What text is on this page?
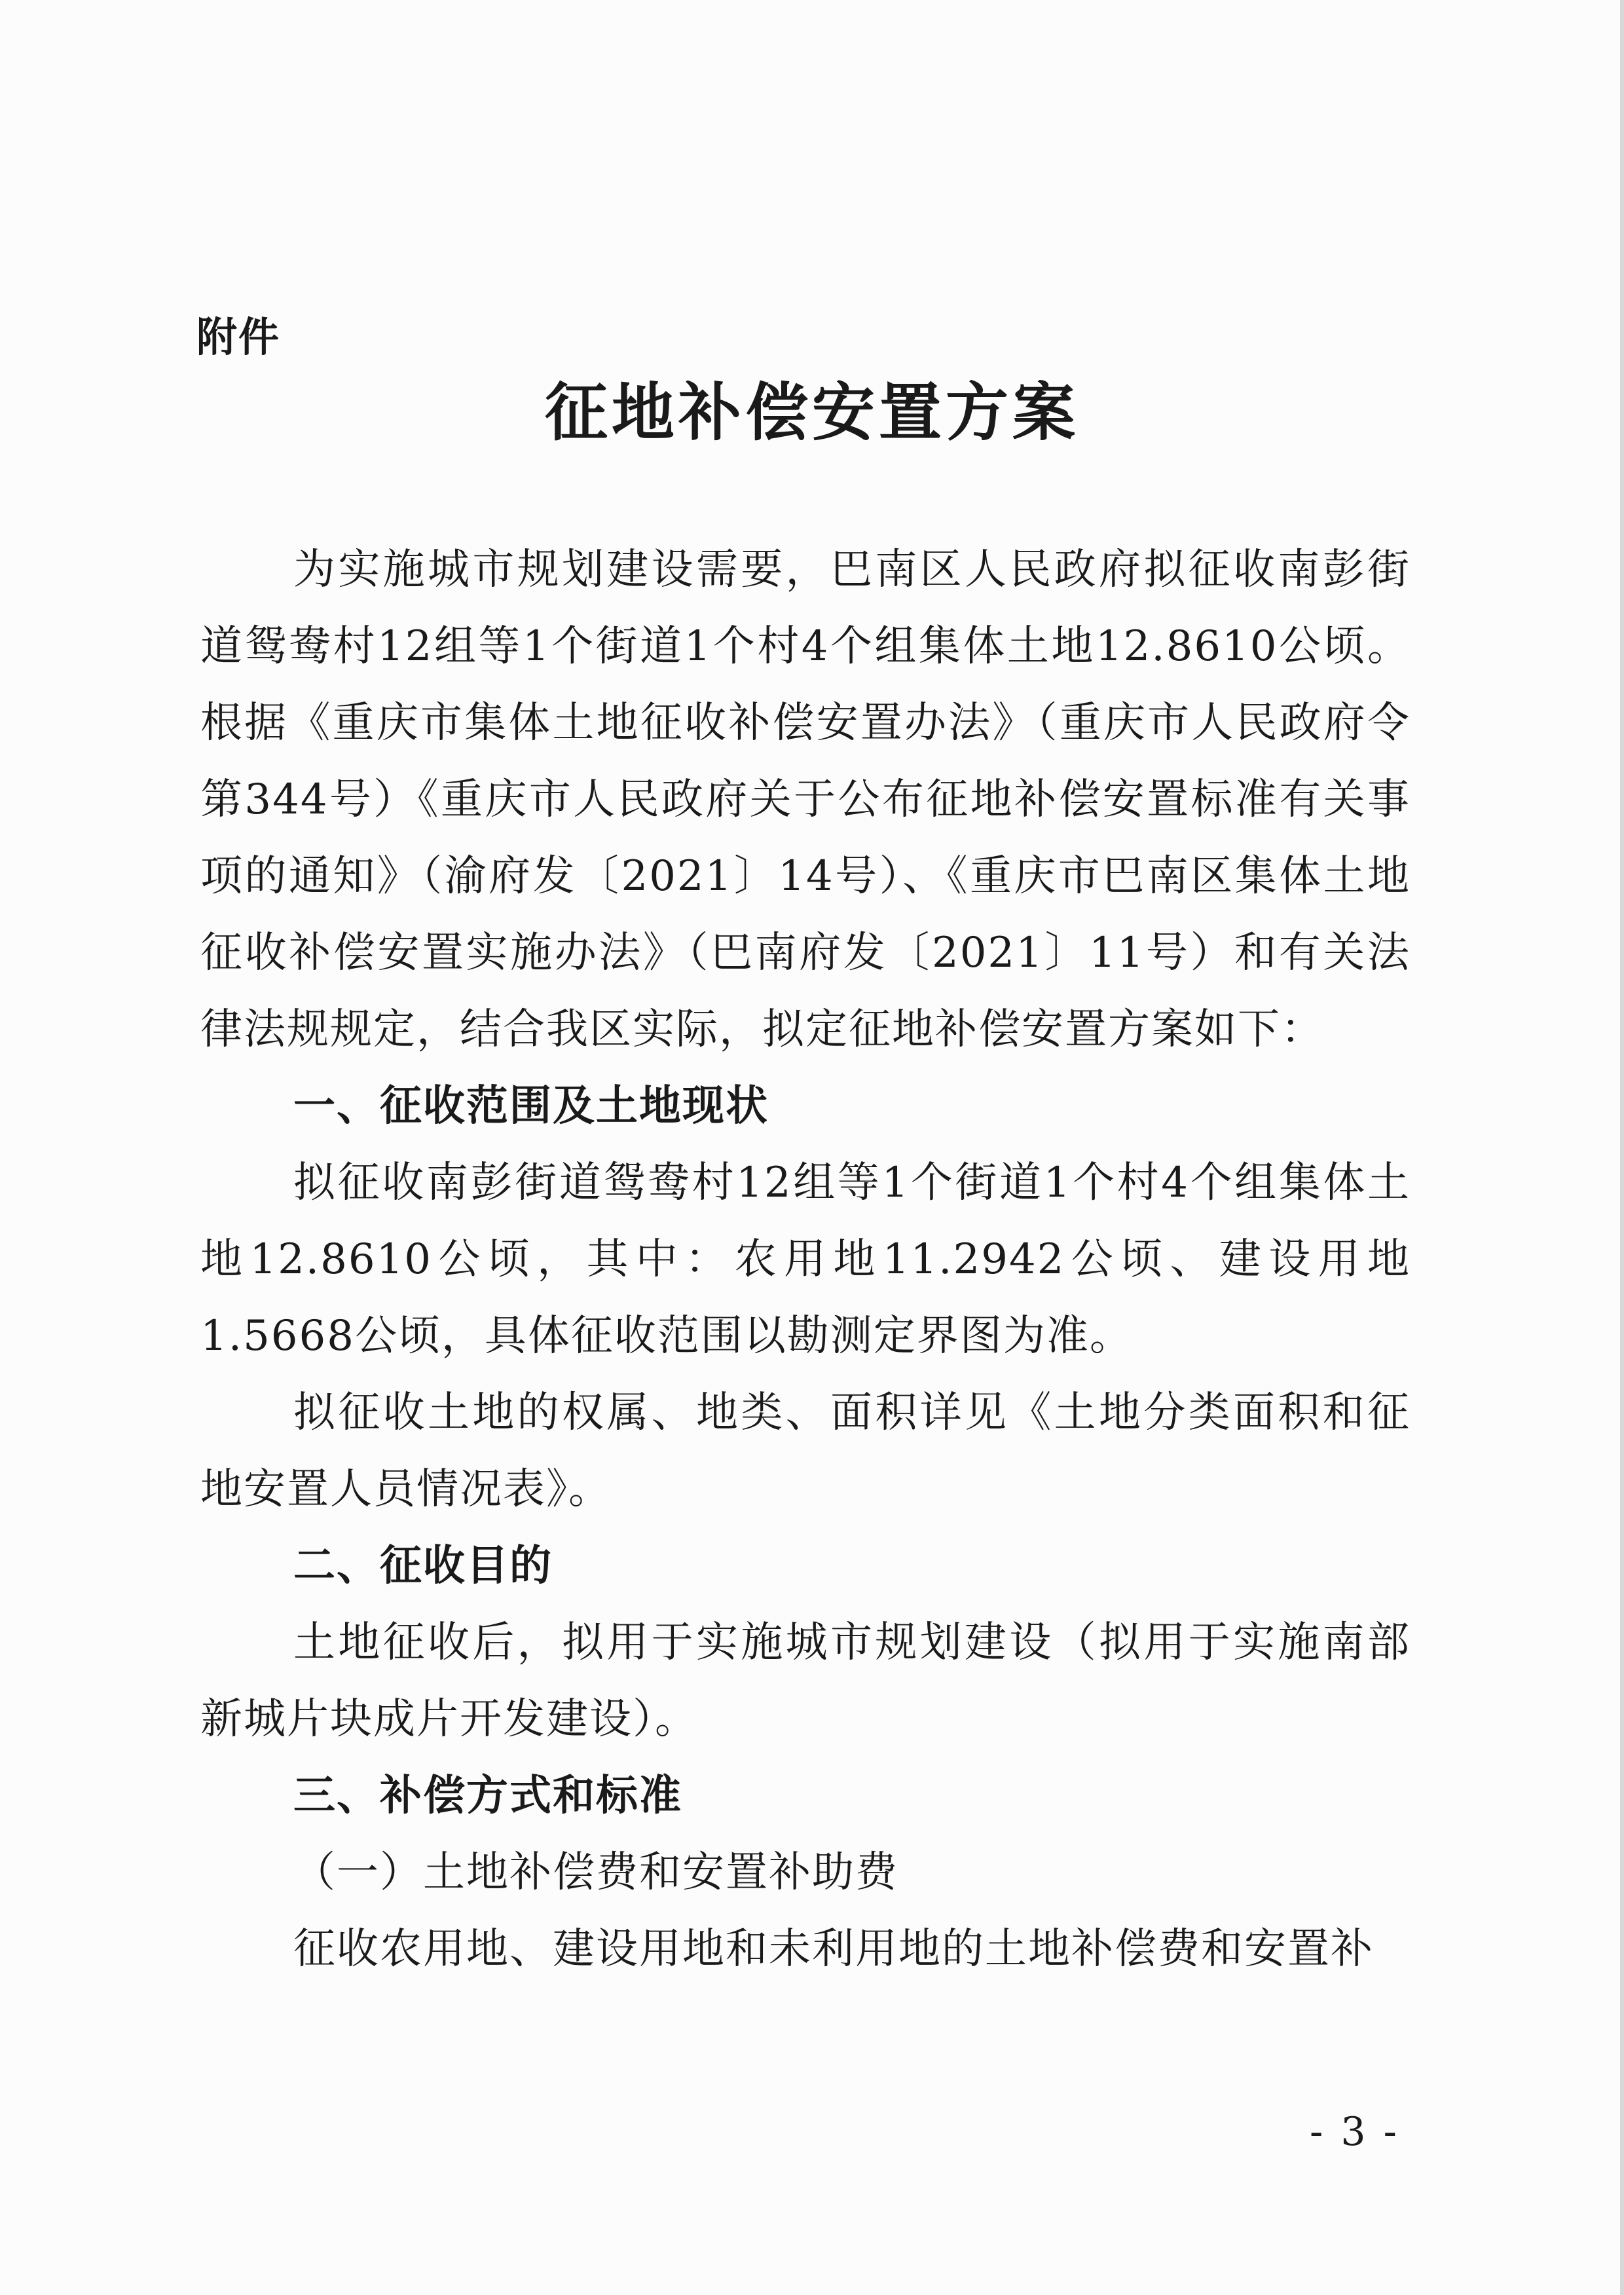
附件
征地补偿安置方案

为实施城市规划建设需要，巴南区人民政府拟征收南彭街道鸳鸯村12组等1个街道1个村4个组集体土地12.8610公顷。根据《重庆市集体土地征收补偿安置办法》（重庆市人民政府令第344号）《重庆市人民政府关于公布征地补偿安置标准有关事项的通知》（渝府发〔2021〕14号）、《重庆市巴南区集体土地征收补偿安置实施办法》（巴南府发〔2021〕11号）和有关法律法规规定，结合我区实际，拟定征地补偿安置方案如下：

一、征收范围及土地现状

拟征收南彭街道鸳鸯村12组等1个街道1个村4个组集体土地12.8610公顷，其中：农用地11.2942公顷、建设用地1.5668公顷，具体征收范围以勘测定界图为准。

拟征收土地的权属、地类、面积详见《土地分类面积和征地安置人员情况表》。

二、征收目的

土地征收后，拟用于实施城市规划建设（拟用于实施南部新城片块成片开发建设）。

三、补偿方式和标准

（一）土地补偿费和安置补助费

征收农用地、建设用地和未利用地的土地补偿费和安置补

- 3 -
